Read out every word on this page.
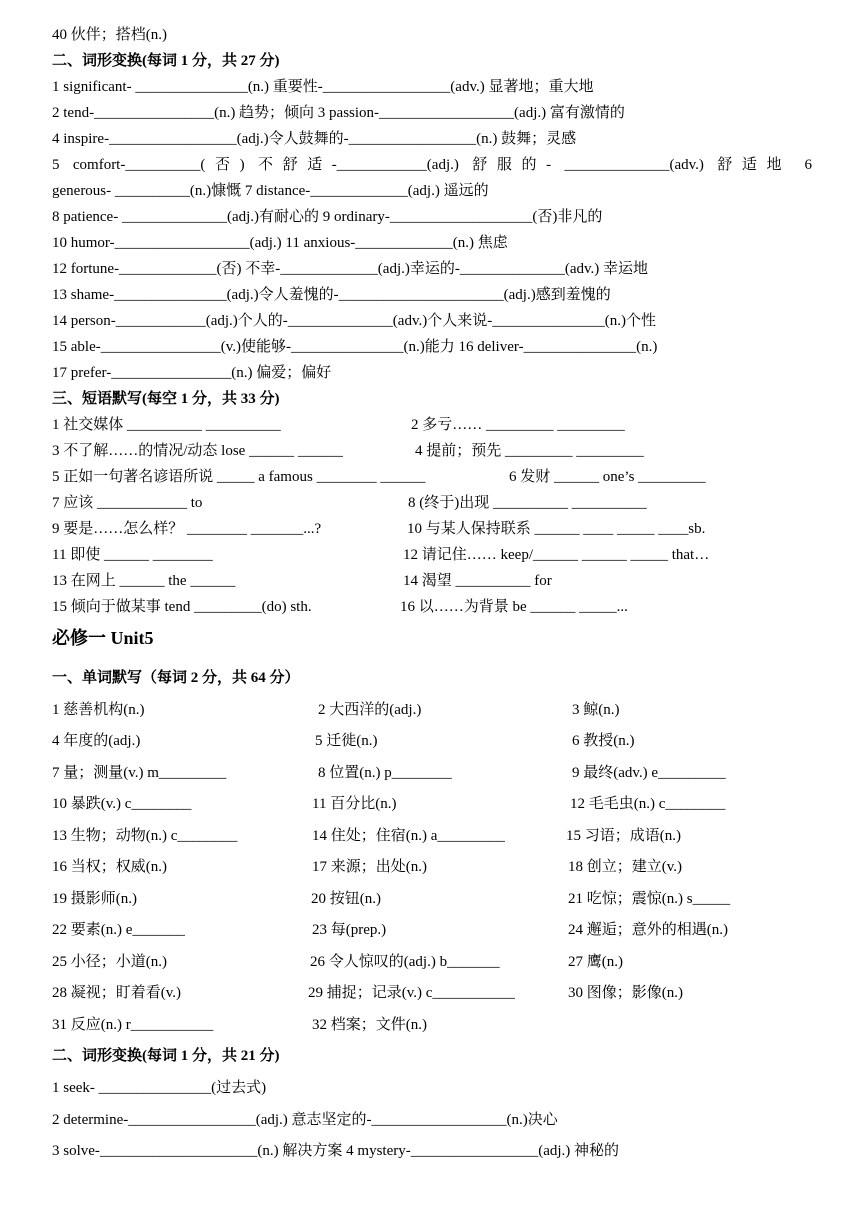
40 伙伴；搭档(n.)
二、词形变换(每词 1 分，共 27 分)
1 significant- _______________(n.) 重要性-_________________(adv.) 显著地；重大地
2 tend-________________(n.) 趋势；倾向 3 passion-__________________(adj.) 富有激情的
4 inspire-_________________(adj.)令人鼓舞的-_________________(n.) 鼓舞；灵感
5 comfort-__________(否) 不舒适-____________(adj.) 舒服的- ______________(adv.) 舒适地 6
generous- __________(n.)慷慨 7 distance-_____________(adj.) 遥远的
8 patience- ______________(adj.)有耐心的 9 ordinary-___________________(否)非凡的
10 humor-__________________(adj.) 11 anxious-_____________(n.) 焦虑
12 fortune-_____________(否) 不幸-_____________(adj.)幸运的-______________(adv.) 幸运地
13 shame-_______________(adj.)令人羞愧的-______________________(adj.)感到羞愧的
14 person-____________(adj.)个人的-______________(adv.)个人来说-_______________(n.)个性
15 able-________________(v.)使能够-_______________(n.)能力 16 deliver-_______________(n.)
17 prefer-________________(n.) 偏爱；偏好
三、短语默写(每空 1 分，共 33 分)
1 社交媒体 __________ __________	2 多亏…… _________ _________
3 不了解……的情况/动态 lose ______ ______	4 提前；预先 _________ _________
5 正如一句著名谚语所说 _____ a famous ________ ______	6 发财 ______ one’s _________
7 应该 ____________ to	8 (终于)出现 __________ __________
9 要是……怎么样？ ________ _______...?	10 与某人保持联系 ______ ____ _____ ____sb.
11 即使 ______ ________	12 请记住…… keep/______ ______ _____ that…
13 在网上 ______ the ______	14 渴望 __________ for
15 倾向于做某事 tend _________(do) sth.	16 以……为背景 be ______ _____...
必修一 Unit5
一、单词默写（每词 2 分，共 64 分）
1 慈善机构(n.)	2 大西洋的(adj.)	3 鲸(n.)
4 年度的(adj.)	5 迁徙(n.)	6 教授(n.)
7 量；测量(v.) m_________	8 位置(n.) p________	9 最终(adv.) e_________
10 暴跌(v.) c________	11 百分比(n.)	12 毛毛虫(n.) c________
13 生物；动物(n.) c________	14 住处；住宿(n.) a_________	15 习语；成语(n.)
16 当权；权威(n.)	17 来源；出处(n.)	18 创立；建立(v.)
19 摄影师(n.)	20 按钮(n.)	21 吃惊；震惊(n.) s_____
22 要素(n.) e_______	23 每(prep.)	24 邂逅；意外的相遇(n.)
25 小径；小道(n.)	26 令人惊叹的(adj.) b_______	27 鹰(n.)
28 凝视；盯着看(v.)	29 捕捉；记录(v.) c___________	30 图像；影像(n.)
31 反应(n.) r___________	32 档案；文件(n.)
二、词形变换(每词 1 分，共 21 分)
1 seek- _______________(过去式)
2 determine-_________________(adj.) 意志坚定的-__________________(n.)决心
3 solve-_____________________(n.) 解决方案 4 mystery-_________________(adj.) 神秘的
